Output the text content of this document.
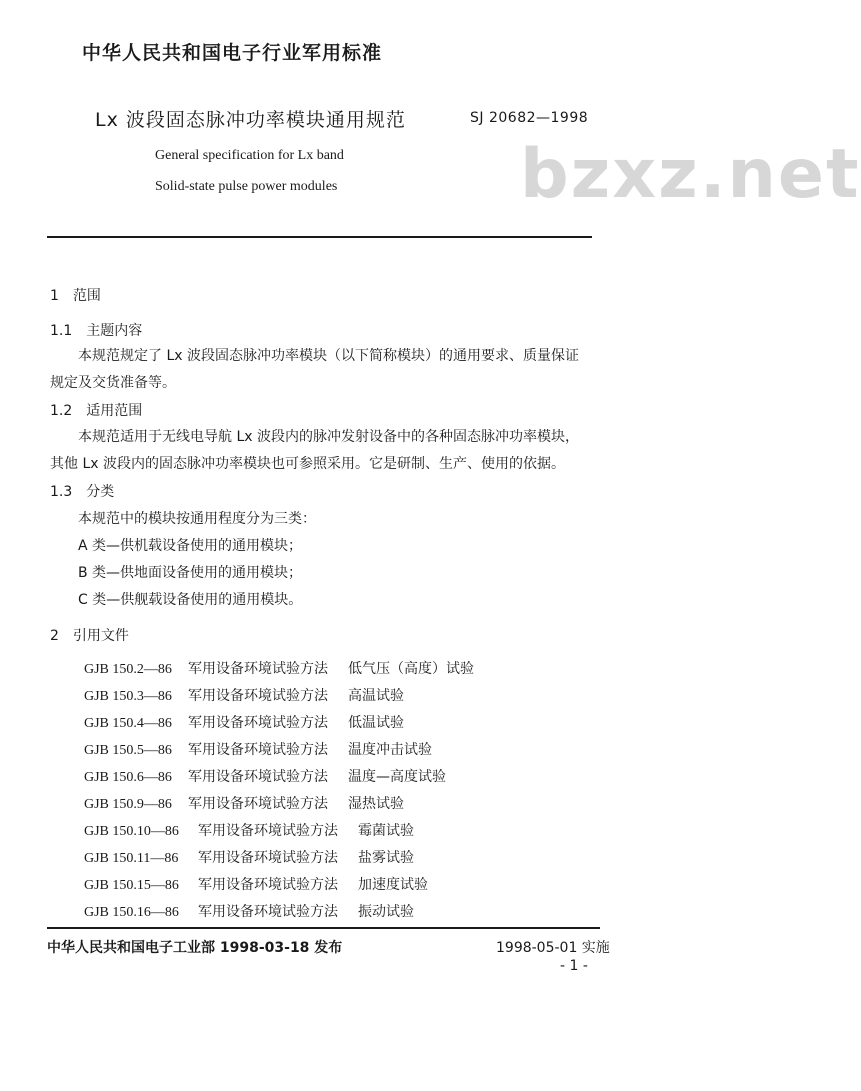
中华人民共和国电子行业军用标准
Lx 波段固态脉冲功率模块通用规范	SJ 20682—1998
General specification for Lx band
Solid-state pulse power modules	bzxz.net
1　范围
1.1　主题内容
本规范规定了 Lx 波段固态脉冲功率模块（以下简称模块）的通用要求、质量保证
规定及交货准备等。
1.2　适用范围
本规范适用于无线电导航 Lx 波段内的脉冲发射设备中的各种固态脉冲功率模块，
其他 Lx 波段内的固态脉冲功率模块也可参照采用。它是研制、生产、使用的依据。
1.3　分类
本规范中的模块按通用程度分为三类：
A 类—供机载设备使用的通用模块；
B 类—供地面设备使用的通用模块；
C 类—供舰载设备使用的通用模块。
2　引用文件
GJB 150.2—86 军用设备环境试验方法 低气压（高度）试验
GJB 150.3—86 军用设备环境试验方法 高温试验
GJB 150.4—86 军用设备环境试验方法 低温试验
GJB 150.5—86 军用设备环境试验方法 温度冲击试验
GJB 150.6—86 军用设备环境试验方法 温度—高度试验
GJB 150.9—86 军用设备环境试验方法 湿热试验
GJB 150.10—86 军用设备环境试验方法 霉菌试验
GJB 150.11—86 军用设备环境试验方法 盐雾试验
GJB 150.15—86 军用设备环境试验方法 加速度试验
GJB 150.16—86 军用设备环境试验方法 振动试验
中华人民共和国电子工业部 1998-03-18 发布	1998-05-01 实施
- 1 -
